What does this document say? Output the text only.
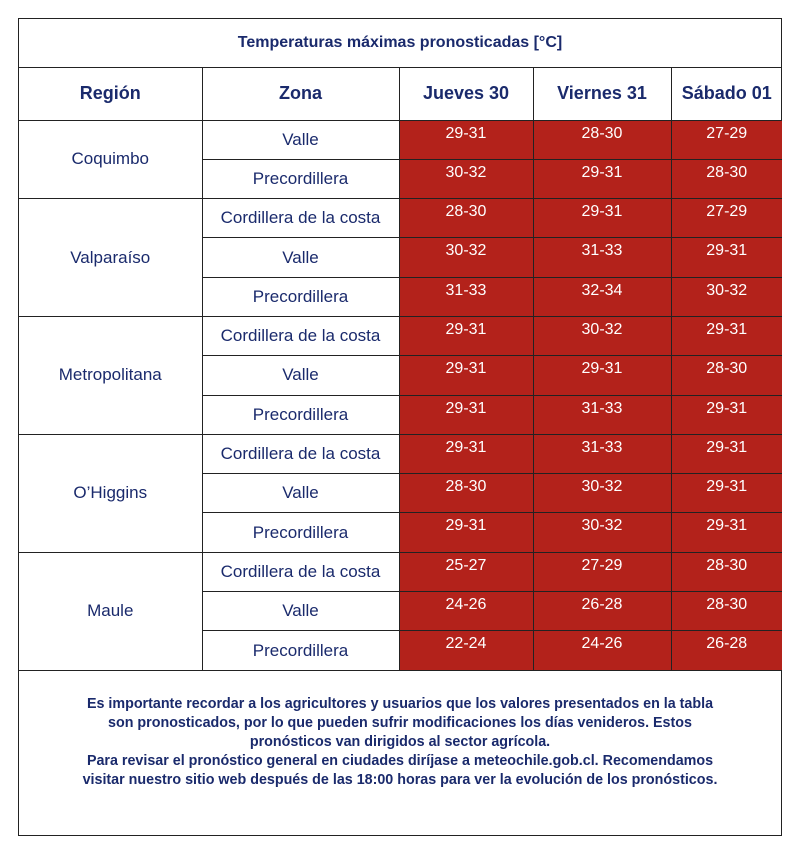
Temperaturas máximas pronosticadas [°C]
Región	Zona	Jueves 30	Viernes 31	Sábado 01
Coquimbo	Valle	29-31	28-30	27-29
	Precordillera	30-32	29-31	28-30
Valparaíso	Cordillera de la costa	28-30	29-31	27-29
	Valle	30-32	31-33	29-31
	Precordillera	31-33	32-34	30-32
Metropolitana	Cordillera de la costa	29-31	30-32	29-31
	Valle	29-31	29-31	28-30
	Precordillera	29-31	31-33	29-31
O’Higgins	Cordillera de la costa	29-31	31-33	29-31
	Valle	28-30	30-32	29-31
	Precordillera	29-31	30-32	29-31
Maule	Cordillera de la costa	25-27	27-29	28-30
	Valle	24-26	26-28	28-30
	Precordillera	22-24	24-26	26-28
Es importante recordar a los agricultores y usuarios que los valores presentados en la tabla
son pronosticados, por lo que pueden sufrir modificaciones los días venideros. Estos
pronósticos van dirigidos al sector agrícola.
Para revisar el pronóstico general en ciudades diríjase a meteochile.gob.cl. Recomendamos
visitar nuestro sitio web después de las 18:00 horas para ver la evolución de los pronósticos.
